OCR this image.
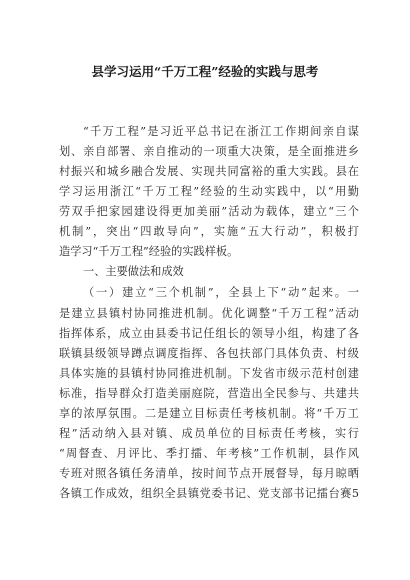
县学习运用“千万工程”经验的实践与思考
“千万工程”是习近平总书记在浙江工作期间亲自谋
划、亲自部署、亲自推动的一项重大决策，是全面推进乡
村振兴和城乡融合发展、实现共同富裕的重大实践。县在
学习运用浙江“千万工程”经验的生动实践中，以“用勤
劳双手把家园建设得更加美丽”活动为载体，建立“三个
机制”，突出“四敢导向”，实施“五大行动”，积极打
造学习“千万工程”经验的实践样板。
一、主要做法和成效
（一）建立“三个机制”，全县上下“动”起来。一
是建立县镇村协同推进机制。优化调整“千万工程”活动
指挥体系，成立由县委书记任组长的领导小组，构建了各
联镇县级领导蹲点调度指挥、各包扶部门具体负责、村级
具体实施的县镇村协同推进机制。下发省市级示范村创建
标准，指导群众打造美丽庭院，营造出全民参与、共建共
享的浓厚氛围。二是建立目标责任考核机制。将“千万工
程”活动纳入县对镇、成员单位的目标责任考核，实行
“周督查、月评比、季打擂、年考核”工作机制，县作风
专班对照各镇任务清单，按时间节点开展督导，每月晾晒
各镇工作成效，组织全县镇党委书记、党支部书记擂台赛5
